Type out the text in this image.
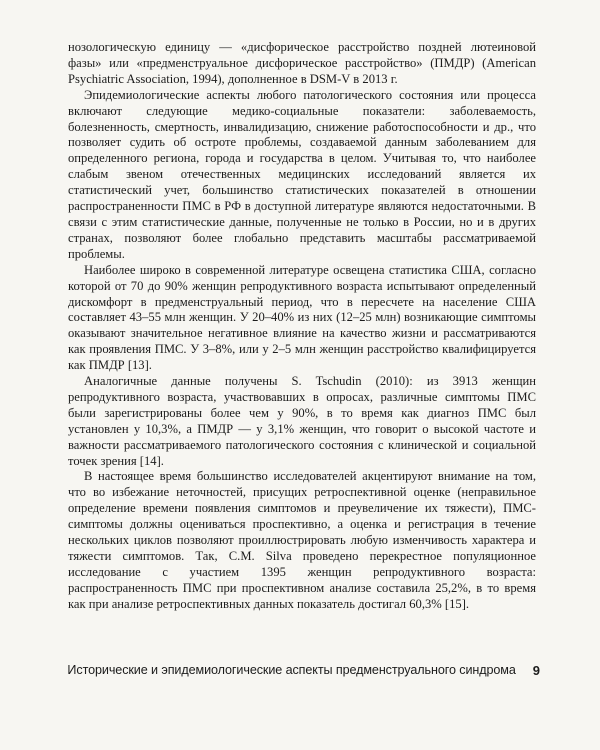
нозологическую единицу — «дисфорическое расстройство поздней лютеиновой фазы» или «предменструальное дисфорическое расстройство» (ПМДР) (American Psychiatric Association, 1994), дополненное в DSM-V в 2013 г.

Эпидемиологические аспекты любого патологического состояния или процесса включают следующие медико-социальные показатели: заболеваемость, болезненность, смертность, инвалидизацию, снижение работоспособности и др., что позволяет судить об остроте проблемы, создаваемой данным заболеванием для определенного региона, города и государства в целом. Учитывая то, что наиболее слабым звеном отечественных медицинских исследований является их статистический учет, большинство статистических показателей в отношении распространенности ПМС в РФ в доступной литературе являются недостаточными. В связи с этим статистические данные, полученные не только в России, но и в других странах, позволяют более глобально представить масштабы рассматриваемой проблемы.

Наиболее широко в современной литературе освещена статистика США, согласно которой от 70 до 90% женщин репродуктивного возраста испытывают определенный дискомфорт в предменструальный период, что в пересчете на население США составляет 43–55 млн женщин. У 20–40% из них (12–25 млн) возникающие симптомы оказывают значительное негативное влияние на качество жизни и рассматриваются как проявления ПМС. У 3–8%, или у 2–5 млн женщин расстройство квалифицируется как ПМДР [13].

Аналогичные данные получены S. Tschudin (2010): из 3913 женщин репродуктивного возраста, участвовавших в опросах, различные симптомы ПМС были зарегистрированы более чем у 90%, в то время как диагноз ПМС был установлен у 10,3%, а ПМДР — у 3,1% женщин, что говорит о высокой частоте и важности рассматриваемого патологического состояния с клинической и социальной точек зрения [14].

В настоящее время большинство исследователей акцентируют внимание на том, что во избежание неточностей, присущих ретроспективной оценке (неправильное определение времени появления симптомов и преувеличение их тяжести), ПМС-симптомы должны оцениваться проспективно, а оценка и регистрация в течение нескольких циклов позволяют проиллюстрировать любую изменчивость характера и тяжести симптомов. Так, C.M. Silva проведено перекрестное популяционное исследование с участием 1395 женщин репродуктивного возраста: распространенность ПМС при проспективном анализе составила 25,2%, в то время как при анализе ретроспективных данных показатель достигал 60,3% [15].

Исторические и эпидемиологические аспекты предменструального синдрома 9
